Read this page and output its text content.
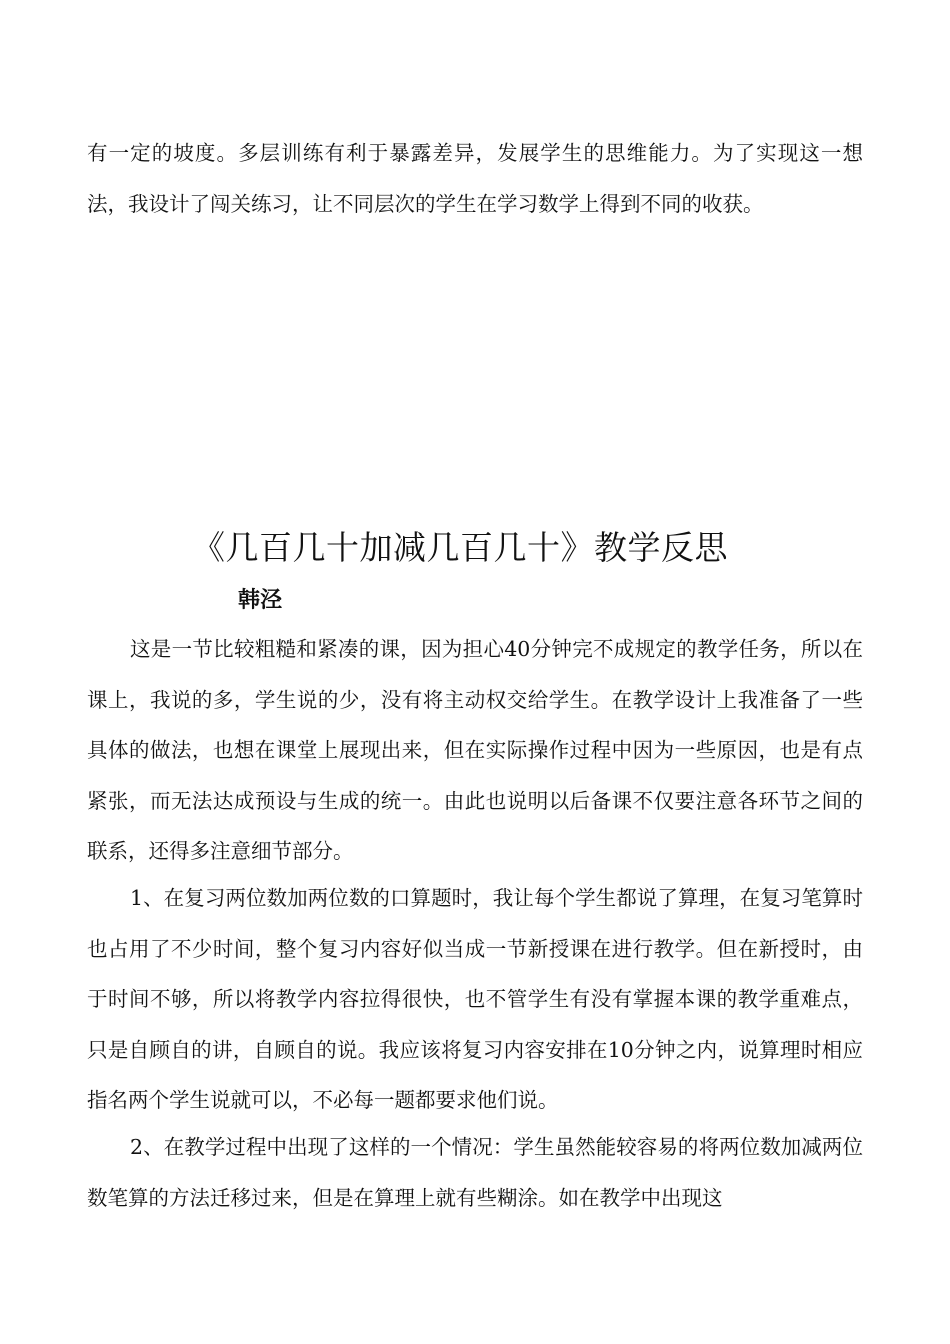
有一定的坡度。多层训练有利于暴露差异，发展学生的思维能力。为了实现这一想法，我设计了闯关练习，让不同层次的学生在学习数学上得到不同的收获。

《几百几十加减几百几十》教学反思

韩泾

这是一节比较粗糙和紧凑的课，因为担心40分钟完不成规定的教学任务，所以在课上，我说的多，学生说的少，没有将主动权交给学生。在教学设计上我准备了一些具体的做法，也想在课堂上展现出来，但在实际操作过程中因为一些原因，也是有点紧张，而无法达成预设与生成的统一。由此也说明以后备课不仅要注意各环节之间的联系，还得多注意细节部分。

1、在复习两位数加两位数的口算题时，我让每个学生都说了算理，在复习笔算时也占用了不少时间，整个复习内容好似当成一节新授课在进行教学。但在新授时，由于时间不够，所以将教学内容拉得很快，也不管学生有没有掌握本课的教学重难点，只是自顾自的讲，自顾自的说。我应该将复习内容安排在10分钟之内，说算理时相应指名两个学生说就可以，不必每一题都要求他们说。

2、在教学过程中出现了这样的一个情况：学生虽然能较容易的将两位数加减两位数笔算的方法迁移过来，但是在算理上就有些糊涂。如在教学中出现这
